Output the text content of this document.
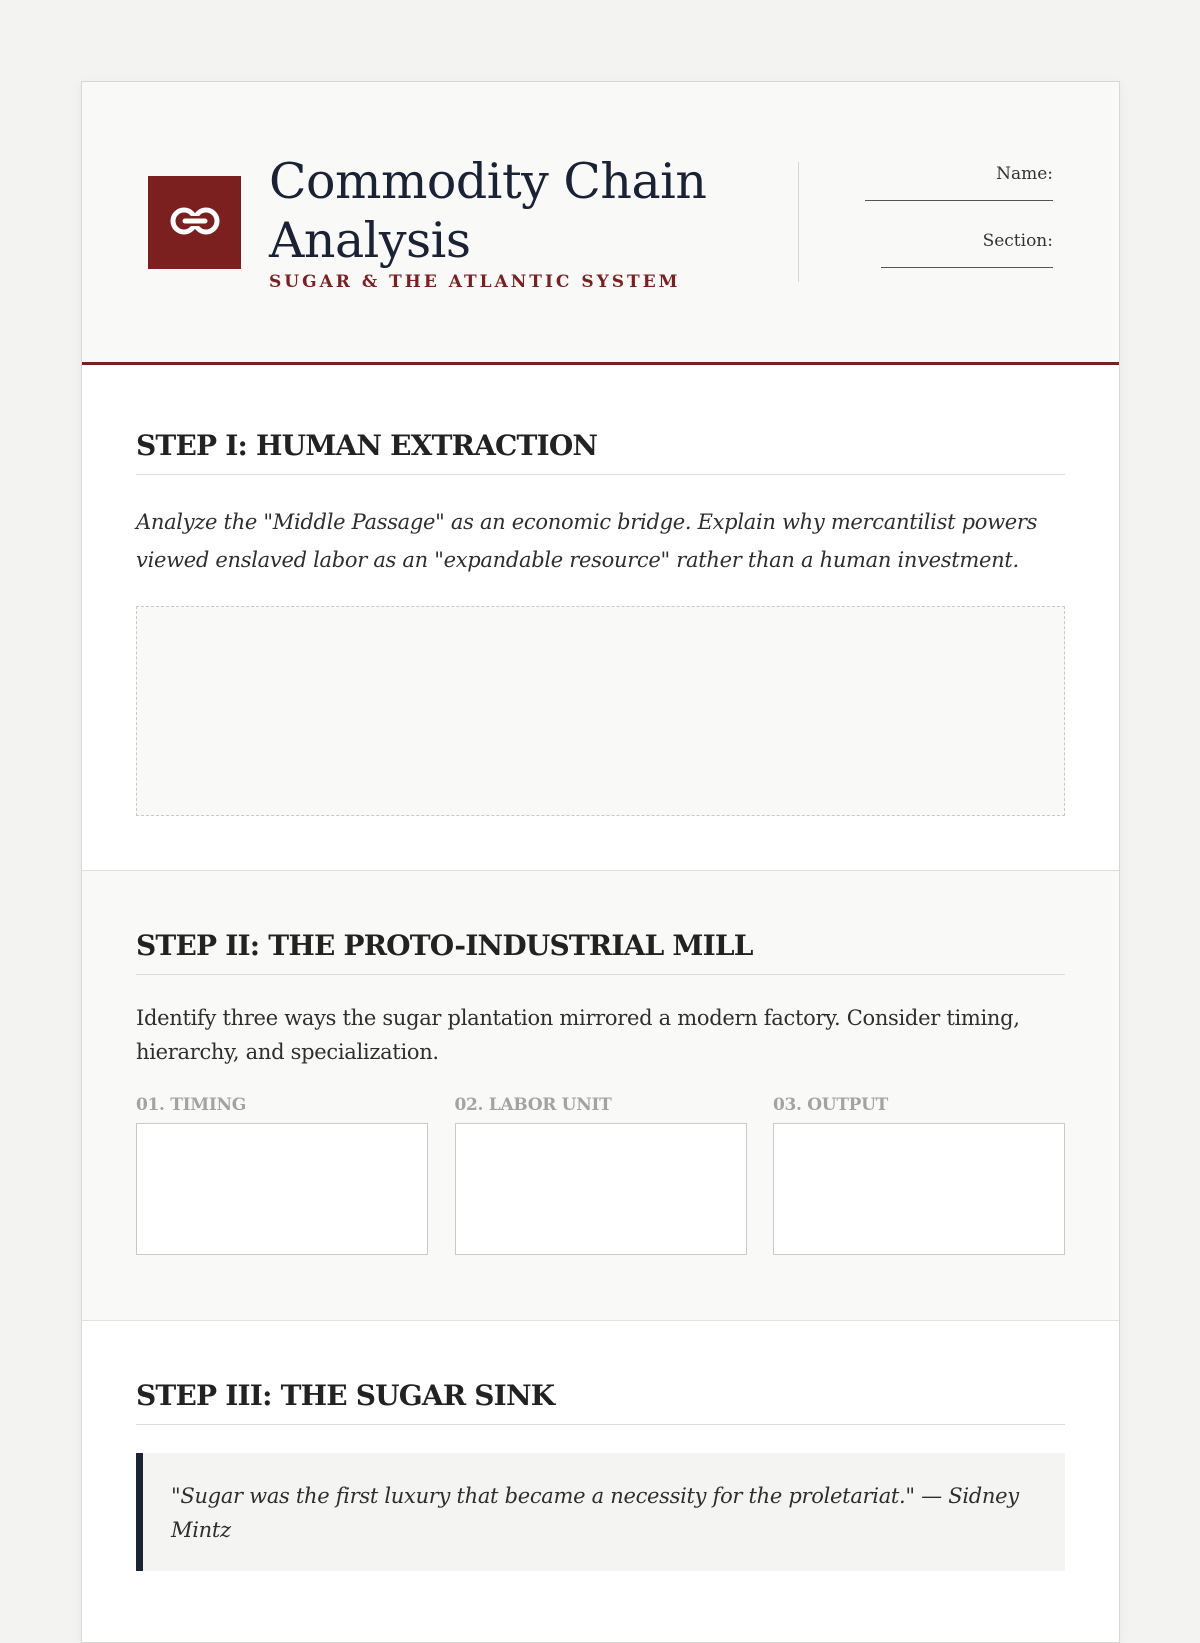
Commodity Chain Analysis
SUGAR & THE ATLANTIC SYSTEM
Name:
Section:
STEP I: HUMAN EXTRACTION
Analyze the "Middle Passage" as an economic bridge. Explain why mercantilist powers viewed enslaved labor as an "expandable resource" rather than a human investment.
STEP II: THE PROTO-INDUSTRIAL MILL
Identify three ways the sugar plantation mirrored a modern factory. Consider timing, hierarchy, and specialization.
01. TIMING	02. LABOR UNIT	03. OUTPUT
STEP III: THE SUGAR SINK
"Sugar was the first luxury that became a necessity for the proletariat." — Sidney Mintz
